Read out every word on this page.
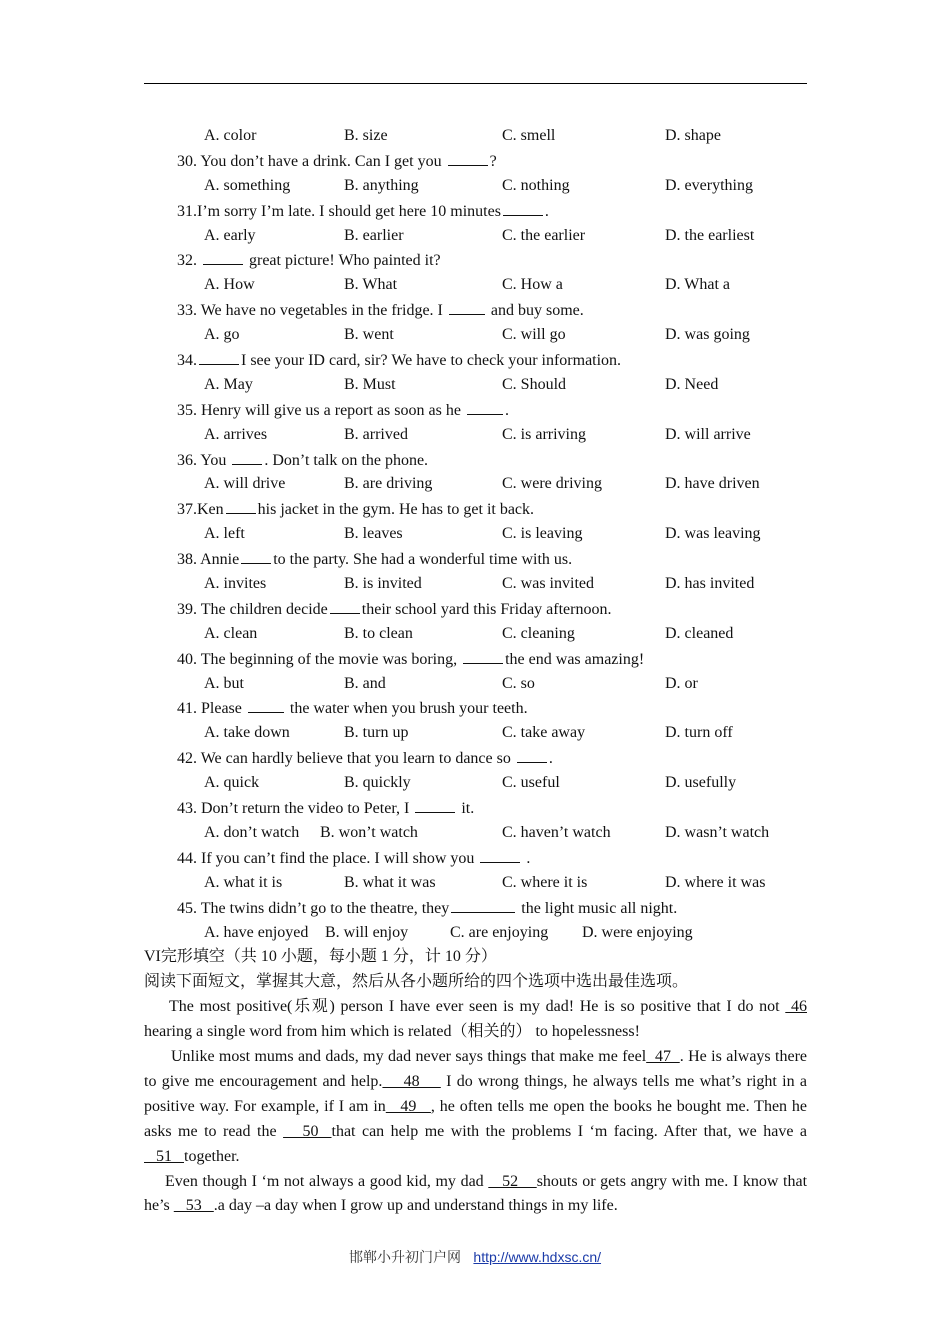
A. color	B. size	C. smell	D. shape
30. You don’t have a drink. Can I get you	?
A. something	B. anything	C. nothing	D. everything
31.I’m sorry I’m late. I should get here 10 minutes	.
A. early	B. earlier	C. the earlier	D. the earliest
32.	great picture! Who painted it?
A. How	B. What	C. How a	D. What a
33. We have no vegetables in the fridge. I	and buy some.
A. go	B. went	C. will go	D. was going
34.	I see your ID card, sir? We have to check your information.
A. May	B. Must	C. Should	D. Need
35. Henry will give us a report as soon as he	.
A. arrives	B. arrived	C. is arriving	D. will arrive
36. You . Don’t talk on the phone.
A. will drive	B. are driving	C. were driving	D. have driven
37.Ken his jacket in the gym. He has to get it back.
A. left	B. leaves	C. is leaving	D. was leaving
38. Annie to the party. She had a wonderful time with us.
A. invites	B. is invited	C. was invited	D. has invited
39. The children decide their school yard this Friday afternoon.
A. clean	B. to clean	C. cleaning	D. cleaned
40. The beginning of the movie was boring,	the end was amazing!
A. but	B. and	C. so	D. or
41. Please	the water when you brush your teeth.
A. take down	B. turn up	C. take away	D. turn off
42. We can hardly believe that you learn to dance so .
A. quick	B. quickly	C. useful	D. usefully
43. Don’t return the video to Peter, I	it.
A. don’t watch B. won’t watch	C. haven’t watch	D. wasn’t watch
44. If you can’t find the place. I will show you	.
A. what it is	B. what it was	C. where it is	D. where it was
45. The twins didn’t go to the theatre, they	the light music all night.
A. have enjoyed B. will enjoy	C. are enjoying D. were enjoying
VI完形填空（共 10 小题，每小题 1 分，计 10 分）
阅读下面短文，掌握其大意，然后从各小题所给的四个选项中选出最佳选项。
The most positive(乐观) person I have ever seen is my dad! He is so positive that I do not  46 hearing a single word from him which is related（相关的） to hopelessness!
Unlike most mums and dads, my dad never says things that make me feel  47  . He is always there to give me encouragement and help.    48     I do wrong things, he always tells me what’s right in a positive way. For example, if I am in   49   , he often tells me open the books he bought me. Then he asks me to read the    50  that can help me with the problems I ‘m facing. After that, we have a    51   together.
Even though I ‘m not always a good kid, my dad    52    shouts or gets angry with me. I know that he’s    53   .a day –a day when I grow up and understand things in my life.
邯郸小升初门户网 http://www.hdxsc.cn/
